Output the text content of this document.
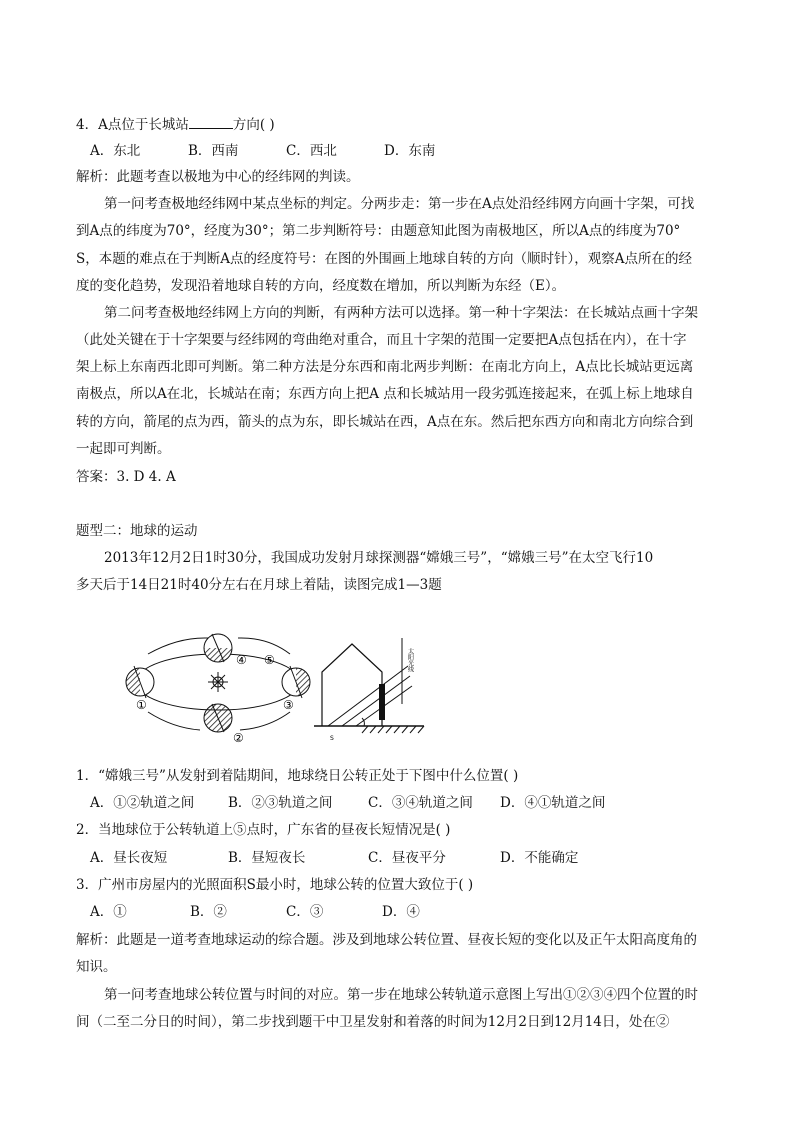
4．A点位于长城站	方向( )
A．东北	B．西南	C．西北	D．东南
解析：此题考查以极地为中心的经纬网的判读。
第一问考查极地经纬网中某点坐标的判定。分两步走：第一步在A点处沿经纬网方向画十字架，可找
到A点的纬度为70°，经度为30°；第二步判断符号：由题意知此图为南极地区，所以A点的纬度为70°
S，本题的难点在于判断A点的经度符号：在图的外围画上地球自转的方向（顺时针），观察A点所在的经
度的变化趋势，发现沿着地球自转的方向，经度数在增加，所以判断为东经（E）。
第二问考查极地经纬网上方向的判断，有两种方法可以选择。第一种十字架法：在长城站点画十字架
（此处关键在于十字架要与经纬网的弯曲绝对重合，而且十字架的范围一定要把A点包括在内），在十字
架上标上东南西北即可判断。第二种方法是分东西和南北两步判断：在南北方向上，A点比长城站更远离
南极点，所以A在北，长城站在南；东西方向上把A 点和长城站用一段劣弧连接起来，在弧上标上地球自
转的方向，箭尾的点为西，箭头的点为东，即长城站在西，A点在东。然后把东西方向和南北方向综合到
一起即可判断。
答案：3. D 4. A
题型二：地球的运动
2013年12月2日1时30分，我国成功发射月球探测器“嫦娥三号”，“嫦娥三号”在太空飞行10
多天后于14日21时40分左右在月球上着陆，读图完成1—3题
①
②
③
④ ⑤
S
太阳光线
1．“嫦娥三号”从发射到着陆期间，地球绕日公转正处于下图中什么位置( )
A．①②轨道之间	B．②③轨道之间	C．③④轨道之间 D．④①轨道之间
2．当地球位于公转轨道上⑤点时，广东省的昼夜长短情况是( )
A．昼长夜短	B．昼短夜长	C．昼夜平分	D．不能确定
3．广州市房屋内的光照面积S最小时，地球公转的位置大致位于( )
A．①	B．②	C．③	D．④
解析：此题是一道考查地球运动的综合题。涉及到地球公转位置、昼夜长短的变化以及正午太阳高度角的
知识。
第一问考查地球公转位置与时间的对应。第一步在地球公转轨道示意图上写出①②③④四个位置的时
间（二至二分日的时间），第二步找到题干中卫星发射和着落的时间为12月2日到12月14日，处在②
